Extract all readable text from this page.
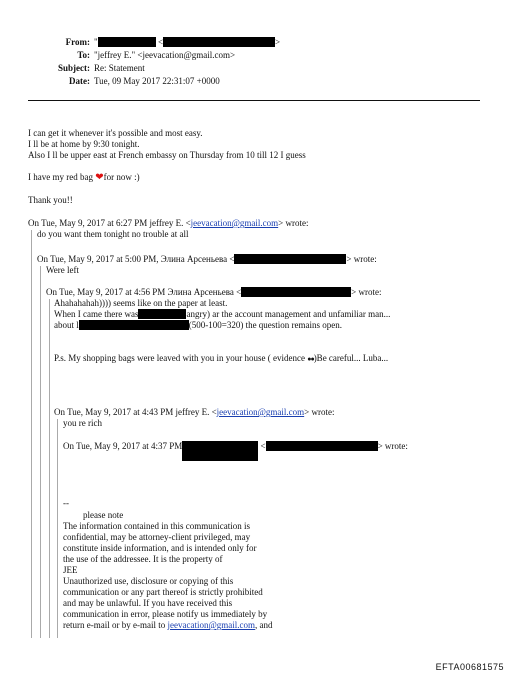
From: "	<	>
To: "jeffrey E." <jeevacation@gmail.com>
Subject: Re: Statement
Date: Tue, 09 May 2017 22:31:07 +0000
I can get it whenever it's possible and most easy.
I ll be at home by 9:30 tonight.
Also I ll be upper east at French embassy on Thursday from 10 till 12 I guess
I have my red bag ❤for now :)
Thank you!!
On Tue, May 9, 2017 at 6:27 PM jeffrey E. <jeevacation@gmail.com> wrote:
do you want them tonight no trouble at all
On Tue, May 9, 2017 at 5:00 PM, Элина Арсеньева <	> wrote:
Were left
On Tue, May 9, 2017 at 4:56 PM Элина Арсеньева <	> wrote:
Ahahahahah)))) seems like on the paper at least.
When I came there was	angry) ar the account management and unfamiliar man...
about l	(500-100=320) the question remains open.
P.s. My shopping bags were leaved with you in your house ( evidence ●●)Be careful... Luba...
On Tue, May 9, 2017 at 4:43 PM jeffrey E. <jeevacation@gmail.com> wrote:
you re rich
On Tue, May 9, 2017 at 4:37 PM	<	> wrote:
--
please note
The information contained in this communication is
confidential, may be attorney-client privileged, may
constitute inside information, and is intended only for
the use of the addressee. It is the property of
JEE
Unauthorized use, disclosure or copying of this
communication or any part thereof is strictly prohibited
and may be unlawful. If you have received this
communication in error, please notify us immediately by
return e-mail or by e-mail to jeevacation@gmail.com, and
EFTA00681575
